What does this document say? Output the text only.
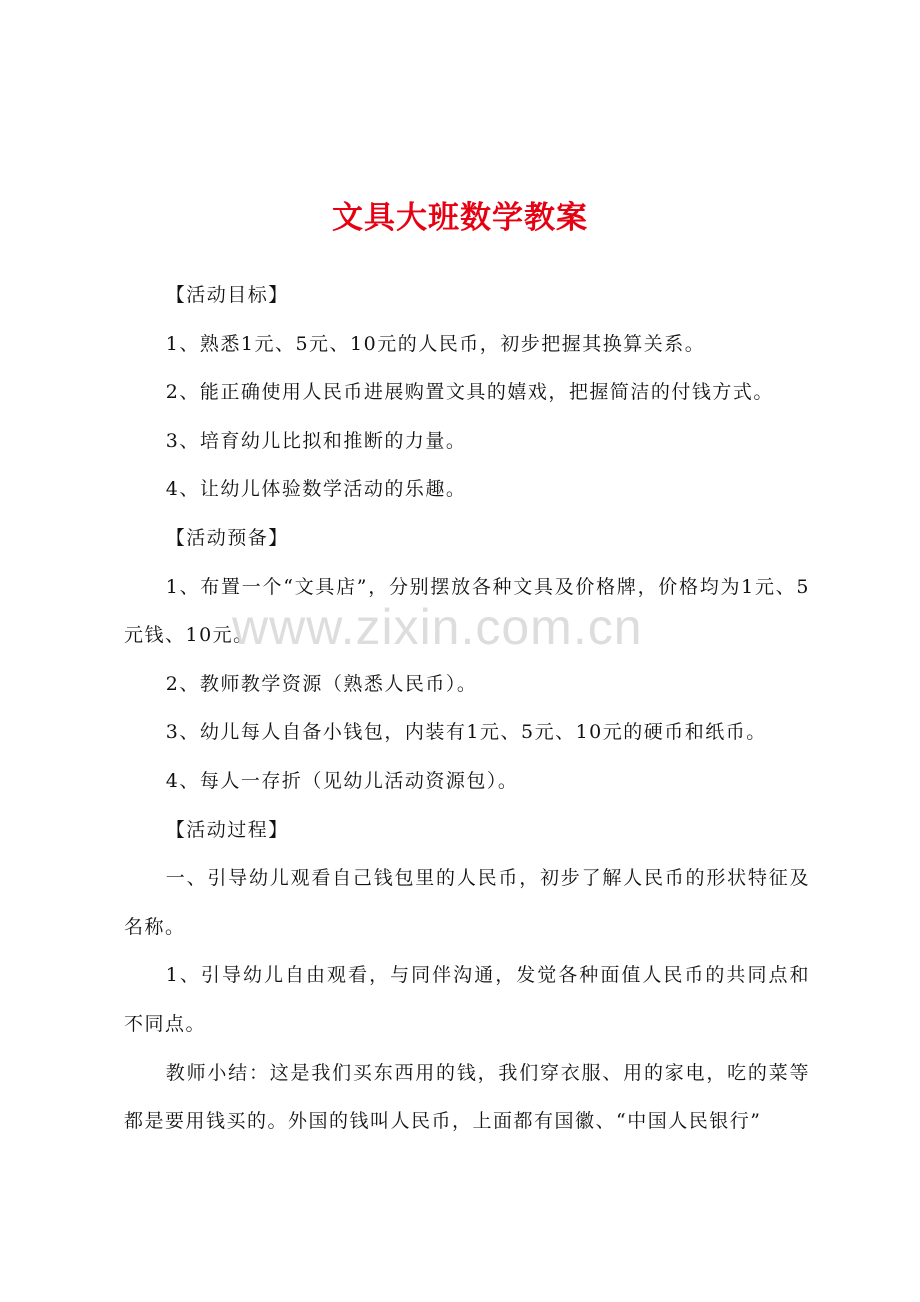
文具大班数学教案

【活动目标】

1、熟悉1元、5元、10元的人民币，初步把握其换算关系。

2、能正确使用人民币进展购置文具的嬉戏，把握简洁的付钱方式。

3、培育幼儿比拟和推断的力量。

4、让幼儿体验数学活动的乐趣。

【活动预备】

1、布置一个“文具店”，分别摆放各种文具及价格牌，价格均为1元、5元钱、10元。

2、教师教学资源（熟悉人民币）。

3、幼儿每人自备小钱包，内装有1元、5元、10元的硬币和纸币。

4、每人一存折（见幼儿活动资源包）。

【活动过程】

一、引导幼儿观看自己钱包里的人民币，初步了解人民币的形状特征及名称。

1、引导幼儿自由观看，与同伴沟通，发觉各种面值人民币的共同点和不同点。

教师小结：这是我们买东西用的钱，我们穿衣服、用的家电，吃的菜等都是要用钱买的。外国的钱叫人民币，上面都有国徽、“中国人民银行”

www.zixin.com.cn
